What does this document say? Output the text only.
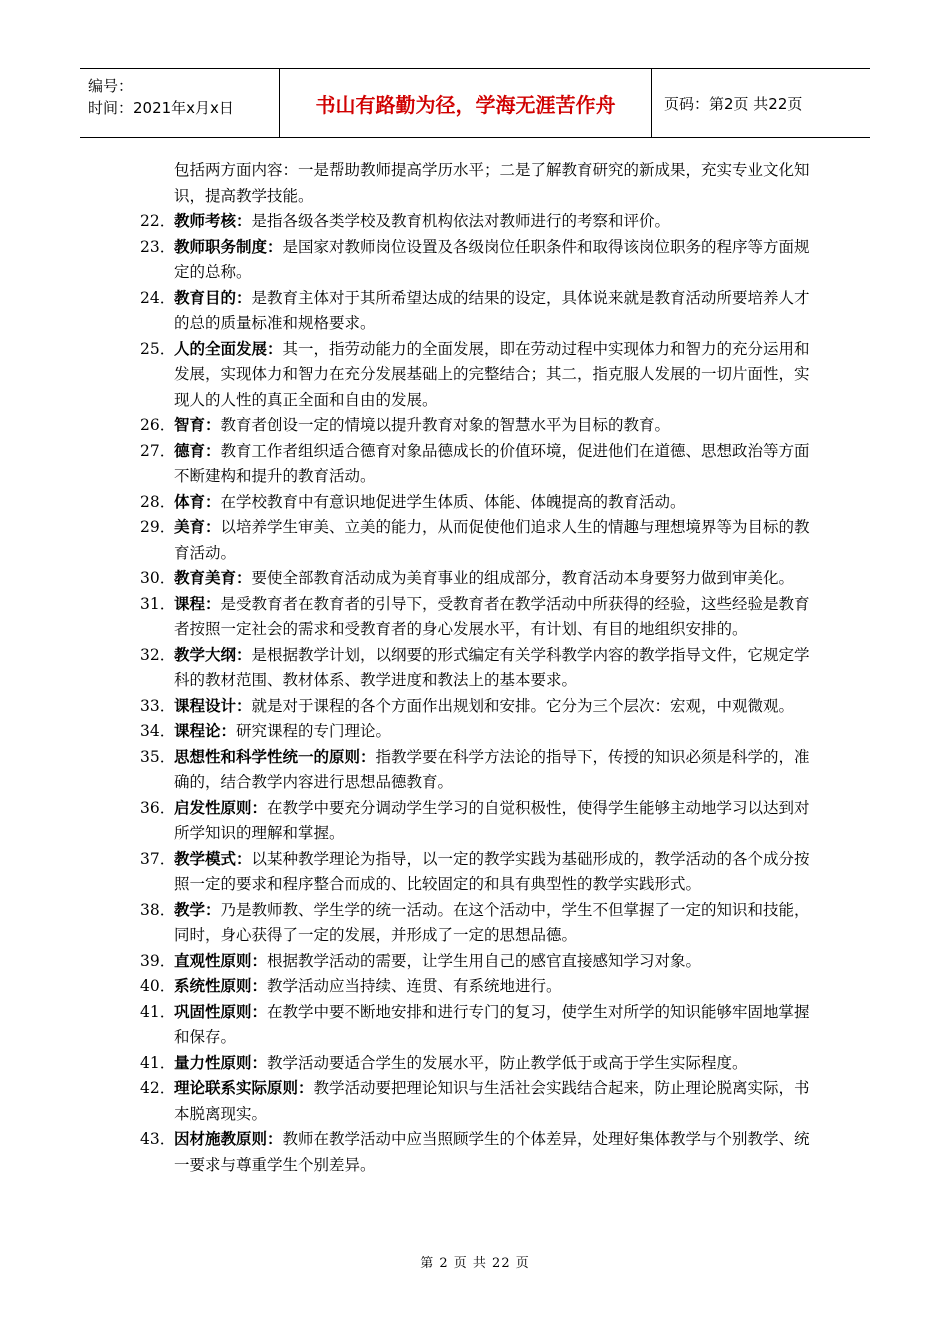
编号：
时间：2021年x月x日	书山有路勤为径，学海无涯苦作舟	页码：第2页 共22页
包括两方面内容：一是帮助教师提高学历水平；二是了解教育研究的新成果，充实专业文化知识，提高教学技能。
22．
教师考核：是指各级各类学校及教育机构依法对教师进行的考察和评价。
23．
教师职务制度：是国家对教师岗位设置及各级岗位任职条件和取得该岗位职务的程序等方面规定的总称。
24．
教育目的：是教育主体对于其所希望达成的结果的设定，具体说来就是教育活动所要培养人才的总的质量标准和规格要求。
25．
人的全面发展：其一，指劳动能力的全面发展，即在劳动过程中实现体力和智力的充分运用和发展，实现体力和智力在充分发展基础上的完整结合；其二，指克服人发展的一切片面性，实现人的人性的真正全面和自由的发展。
26．
智育：教育者创设一定的情境以提升教育对象的智慧水平为目标的教育。
27．
德育：教育工作者组织适合德育对象品德成长的价值环境，促进他们在道德、思想政治等方面不断建构和提升的教育活动。
28．
体育：在学校教育中有意识地促进学生体质、体能、体魄提高的教育活动。
29．
美育：以培养学生审美、立美的能力，从而促使他们追求人生的情趣与理想境界等为目标的教育活动。
30．
教育美育：要使全部教育活动成为美育事业的组成部分，教育活动本身要努力做到审美化。
31．
课程：是受教育者在教育者的引导下，受教育者在教学活动中所获得的经验，这些经验是教育者按照一定社会的需求和受教育者的身心发展水平，有计划、有目的地组织安排的。
32．
教学大纲：是根据教学计划，以纲要的形式编定有关学科教学内容的教学指导文件，它规定学科的教材范围、教材体系、教学进度和教法上的基本要求。
33．
课程设计：就是对于课程的各个方面作出规划和安排。它分为三个层次：宏观，中观微观。
34．
课程论：研究课程的专门理论。
35．
思想性和科学性统一的原则：指教学要在科学方法论的指导下，传授的知识必须是科学的，准确的，结合教学内容进行思想品德教育。
36．
启发性原则：在教学中要充分调动学生学习的自觉积极性，使得学生能够主动地学习以达到对所学知识的理解和掌握。
37．
教学模式：以某种教学理论为指导，以一定的教学实践为基础形成的，教学活动的各个成分按照一定的要求和程序整合而成的、比较固定的和具有典型性的教学实践形式。
38．
教学：乃是教师教、学生学的统一活动。在这个活动中，学生不但掌握了一定的知识和技能，同时，身心获得了一定的发展，并形成了一定的思想品德。
39．
直观性原则：根据教学活动的需要，让学生用自己的感官直接感知学习对象。
40．
系统性原则：教学活动应当持续、连贯、有系统地进行。
41．
巩固性原则：在教学中要不断地安排和进行专门的复习，使学生对所学的知识能够牢固地掌握和保存。
41．
量力性原则：教学活动要适合学生的发展水平，防止教学低于或高于学生实际程度。
42．
理论联系实际原则：教学活动要把理论知识与生活社会实践结合起来，防止理论脱离实际，书本脱离现实。
43．
因材施教原则：教师在教学活动中应当照顾学生的个体差异，处理好集体教学与个别教学、统一要求与尊重学生个别差异。
第 2 页 共 22 页
